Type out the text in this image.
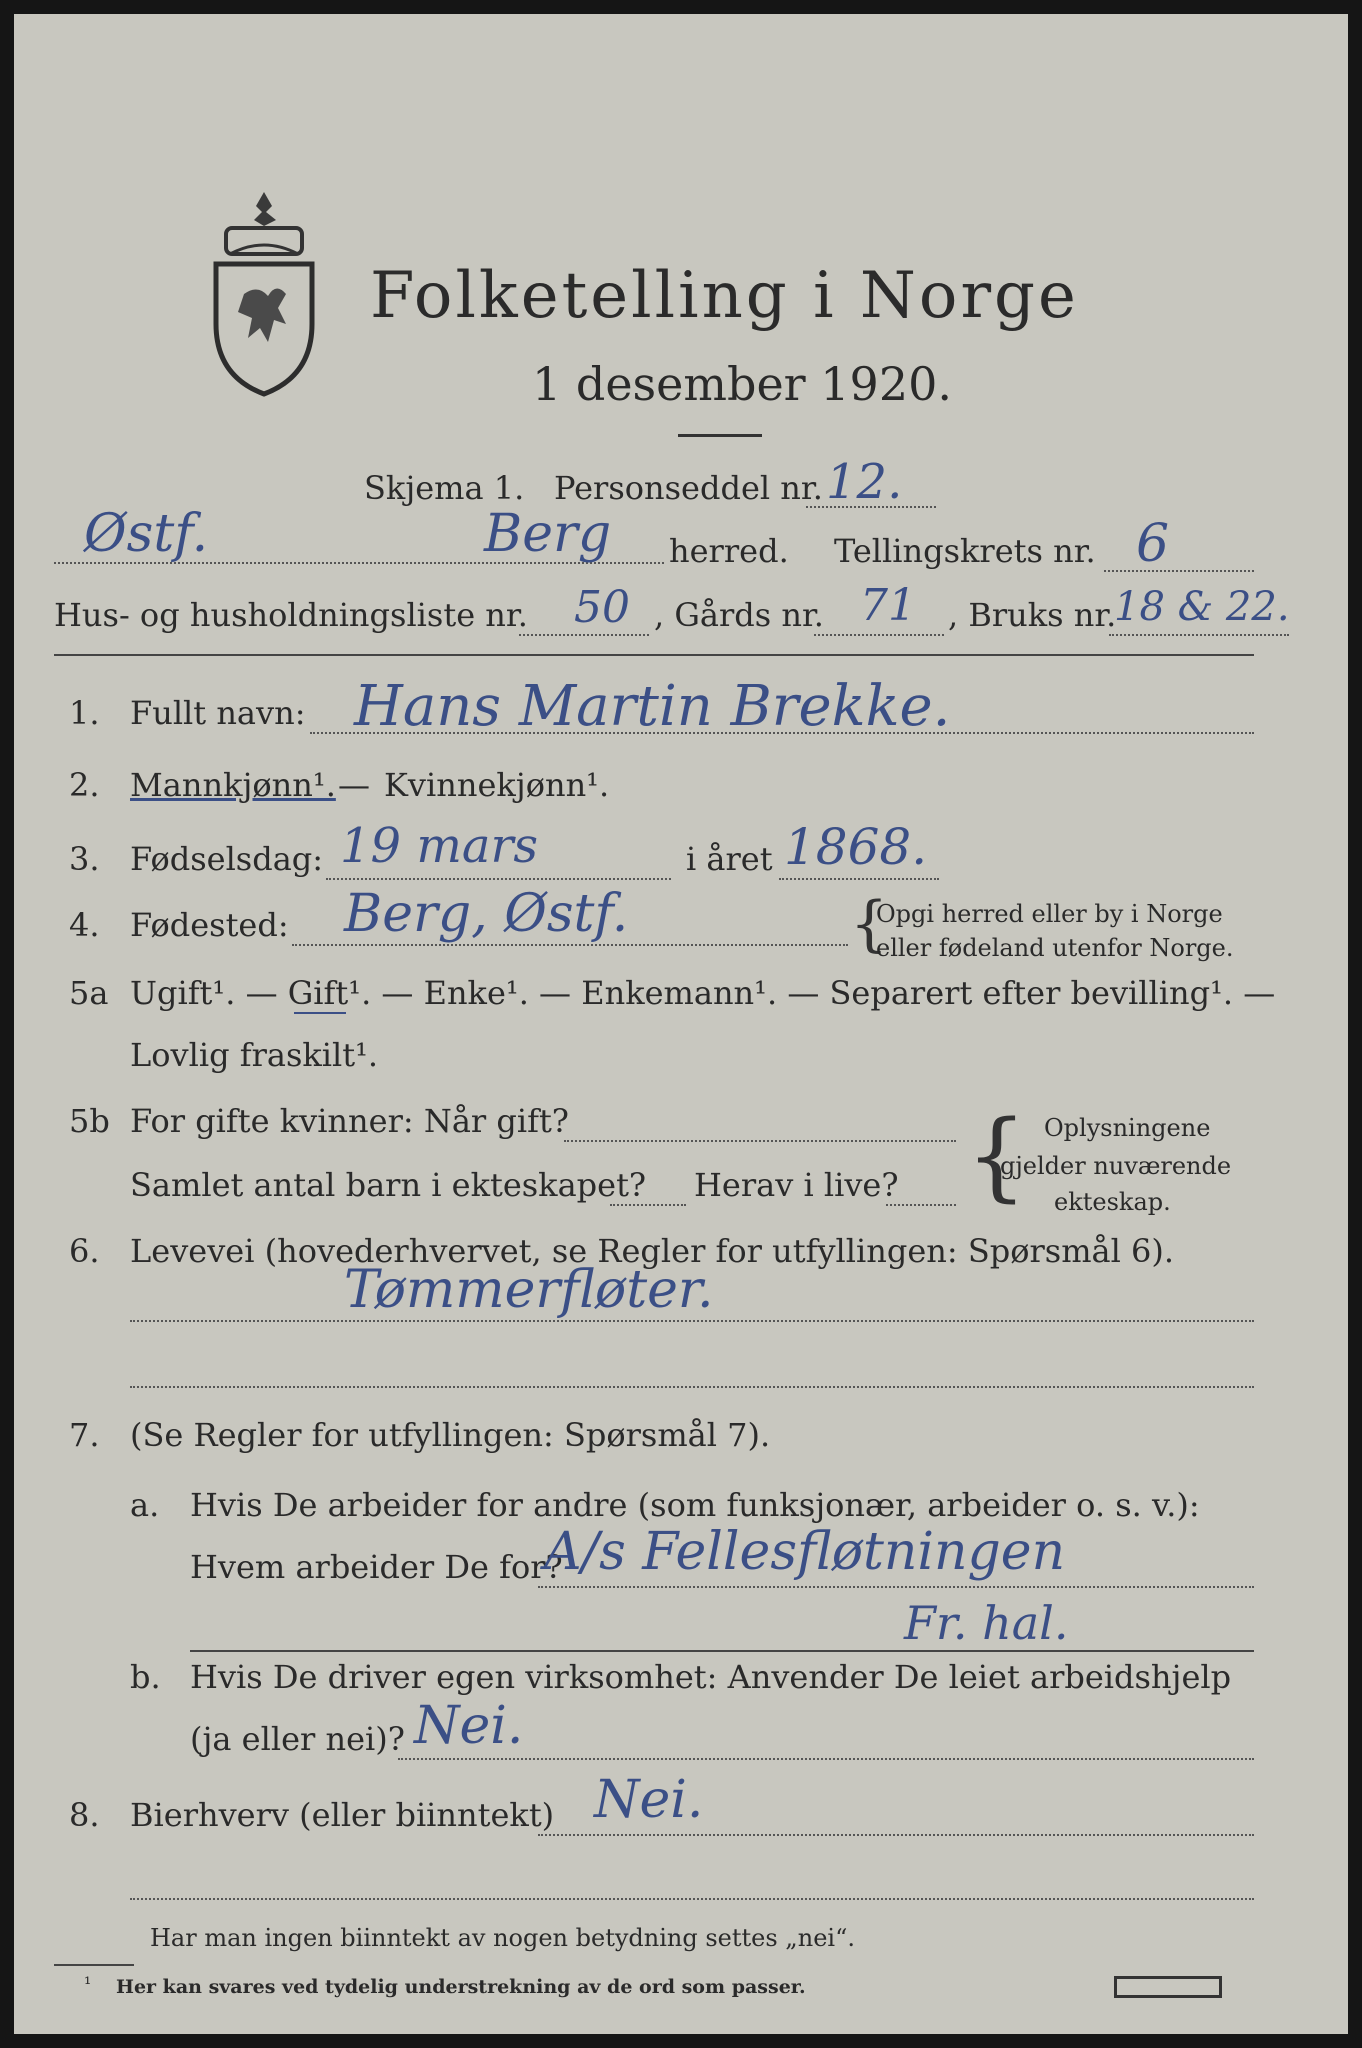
Folketelling i Norge
1 desember 1920.
Skjema 1. Personseddel nr. 12.
Østf.	Berg herred. Tellingskrets nr. 6
Hus- og husholdningsliste nr. 50 , Gårds nr. 71 , Bruks nr.
18 & 22.
1. Fullt navn: Hans Martin Brekke.
2. Mannkjønn¹. — Kvinnekjønn¹.
3. Fødselsdag: 19 mars	i året 1868.
4. Fødested: Berg, Østf.	{
Opgi herred eller by i Norge
eller fødeland utenfor Norge.
5a Ugift¹. — Gift¹. — Enke¹. — Enkemann¹. — Separert efter bevilling¹. —
Lovlig fraskilt¹.
5b For gifte kvinner: Når gift?
Samlet antal barn i ekteskapet? Herav i live? { Oplysningene
gjelder nuværende
ekteskap.
6. Levevei (hovederhvervet, se Regler for utfyllingen: Spørsmål 6).
Tømmerfløter.
7. (Se Regler for utfyllingen: Spørsmål 7).
a. Hvis De arbeider for andre (som funksjonær, arbeider o. s. v.):
Hvem arbeider De for?
A/s Fellesfløtningen
Fr. hal.
b. Hvis De driver egen virksomhet: Anvender De leiet arbeidshjelp
(ja eller nei)? Nei.
8. Bierhverv (eller biinntekt) Nei.
Har man ingen biinntekt av nogen betydning settes „nei“.
¹ Her kan svares ved tydelig understrekning av de ord som passer.
